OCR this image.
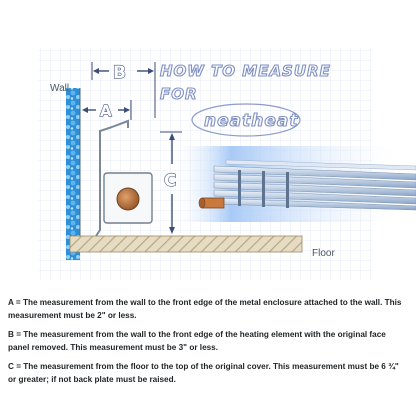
B
A
C
Wall
Floor
HOW TO MEASURE
FOR
neatheat

A = The measurement from the wall to the front edge of the metal enclosure attached to the wall. This measurement must be 2" or less.

B = The measurement from the wall to the front edge of the heating element with the original face panel removed. This measurement must be 3" or less.

C = The measurement from the floor to the top of the original cover. This measurement must be 6 ¾" or greater; if not back plate must be raised.
